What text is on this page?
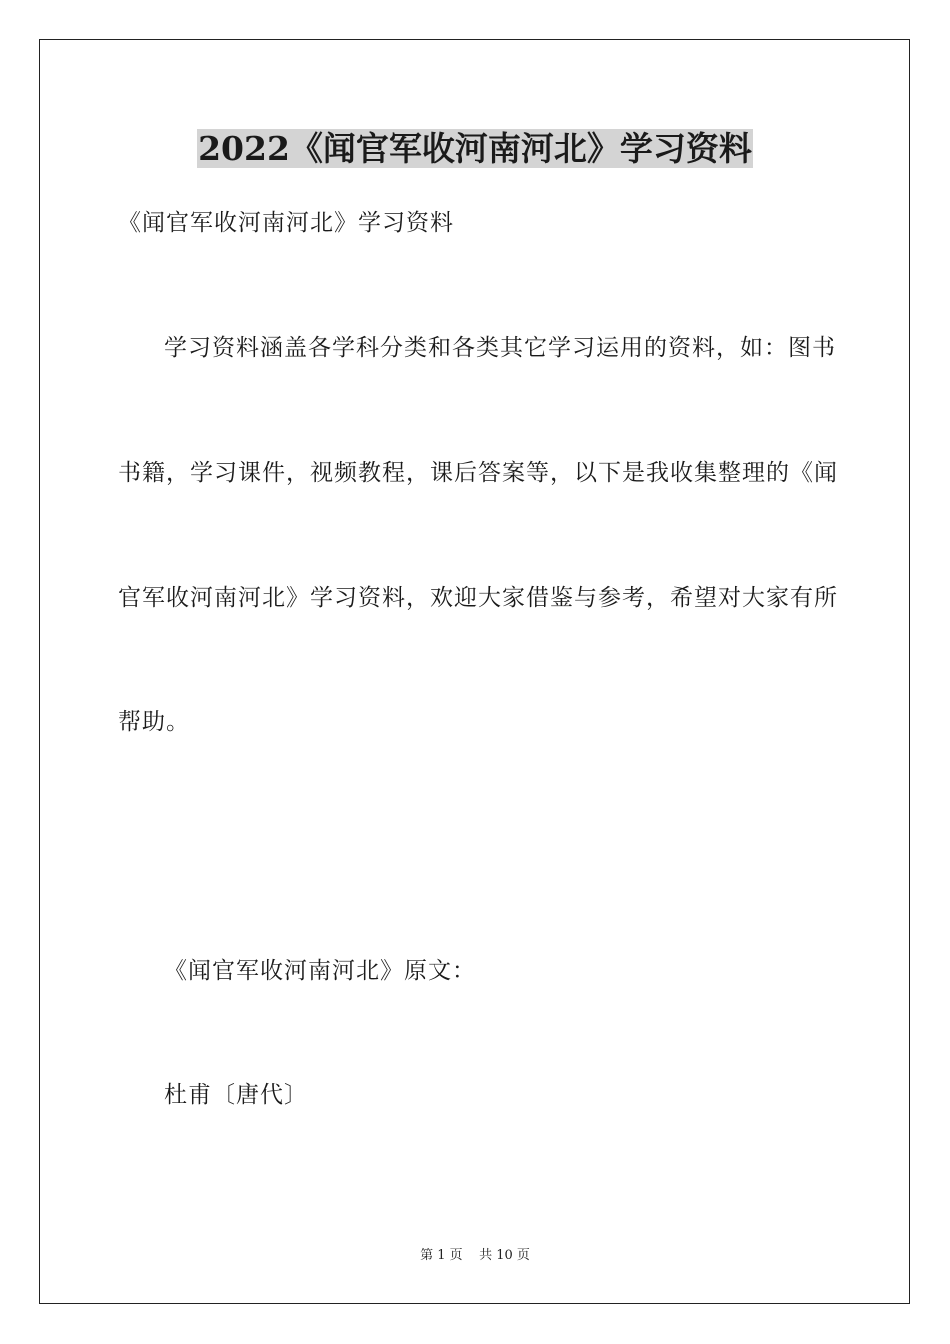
2022《闻官军收河南河北》学习资料
《闻官军收河南河北》学习资料
学习资料涵盖各学科分类和各类其它学习运用的资料，如：图书
书籍，学习课件，视频教程，课后答案等，以下是我收集整理的《闻
官军收河南河北》学习资料，欢迎大家借鉴与参考，希望对大家有所
帮助。
《闻官军收河南河北》原文：
杜甫〔唐代〕
第 1 页    共 10 页
